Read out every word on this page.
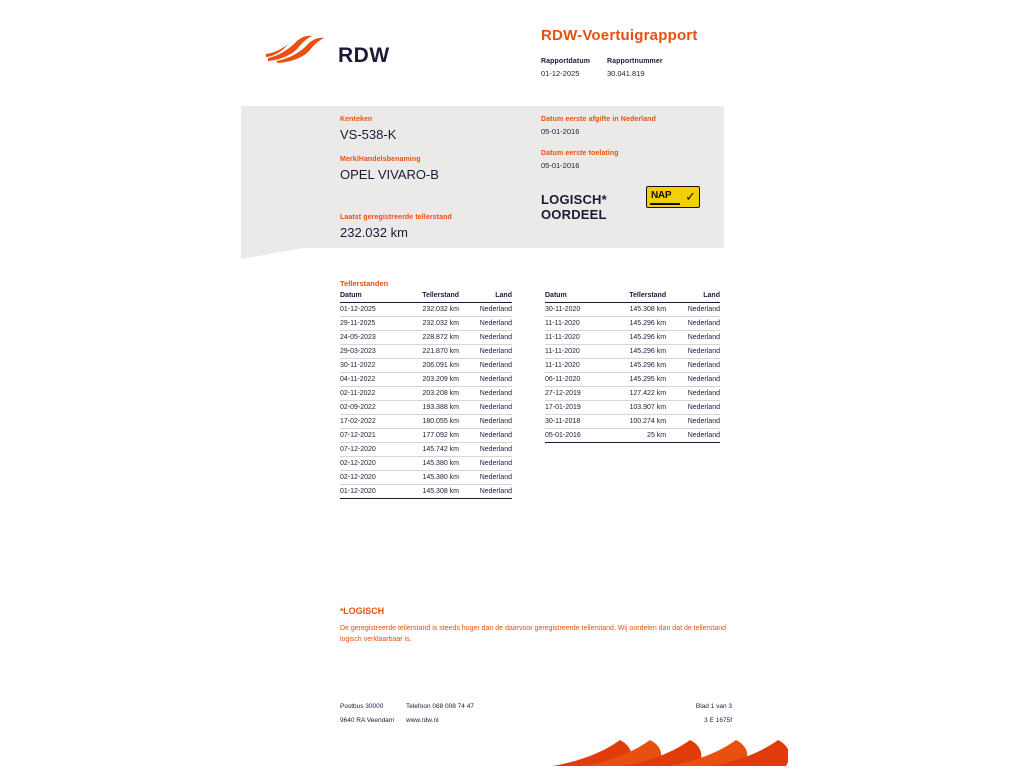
RDW
RDW-Voertuigrapport
Rapportdatum
01-12-2025

Rapportnummer
30.041.819
Kenteken
VS-538-K
Merk/Handelsbenaming
OPEL VIVARO-B
Laatst geregistreerde tellerstand
232.032 km
Datum eerste afgifte in Nederland
05-01-2016
Datum eerste toelating
05-01-2016
LOGISCH*
OORDEEL
NAP ✓
Tellerstanden
Datum	Tellerstand	Land
01-12-2025	232.032 km	Nederland
29-11-2025	232.032 km	Nederland
24-05-2023	228.872 km	Nederland
29-03-2023	221.870 km	Nederland
30-11-2022	206.091 km	Nederland
04-11-2022	203.209 km	Nederland
02-11-2022	203.208 km	Nederland
02-09-2022	193.388 km	Nederland
17-02-2022	180.055 km	Nederland
07-12-2021	177.092 km	Nederland
07-12-2020	145.742 km	Nederland
02-12-2020	145.380 km	Nederland
02-12-2020	145.380 km	Nederland
01-12-2020	145.308 km	Nederland
Datum	Tellerstand	Land
30-11-2020	145.308 km	Nederland
11-11-2020	145.296 km	Nederland
11-11-2020	145.296 km	Nederland
11-11-2020	145.296 km	Nederland
11-11-2020	145.296 km	Nederland
06-11-2020	145.295 km	Nederland
27-12-2019	127.422 km	Nederland
17-01-2019	103.907 km	Nederland
30-11-2018	100.274 km	Nederland
05-01-2016	25 km	Nederland
*LOGISCH
De geregistreerde tellerstand is steeds hoger dan de daarvoor geregistreerde tellerstand. Wij oordelen dan dat de tellerstand logisch verklaarbaar is.
Postbus 30000	Telefoon 088 008 74 47	Blad 1 van 3
9640 RA Veendam www.rdw.nl	3 E 1675f
